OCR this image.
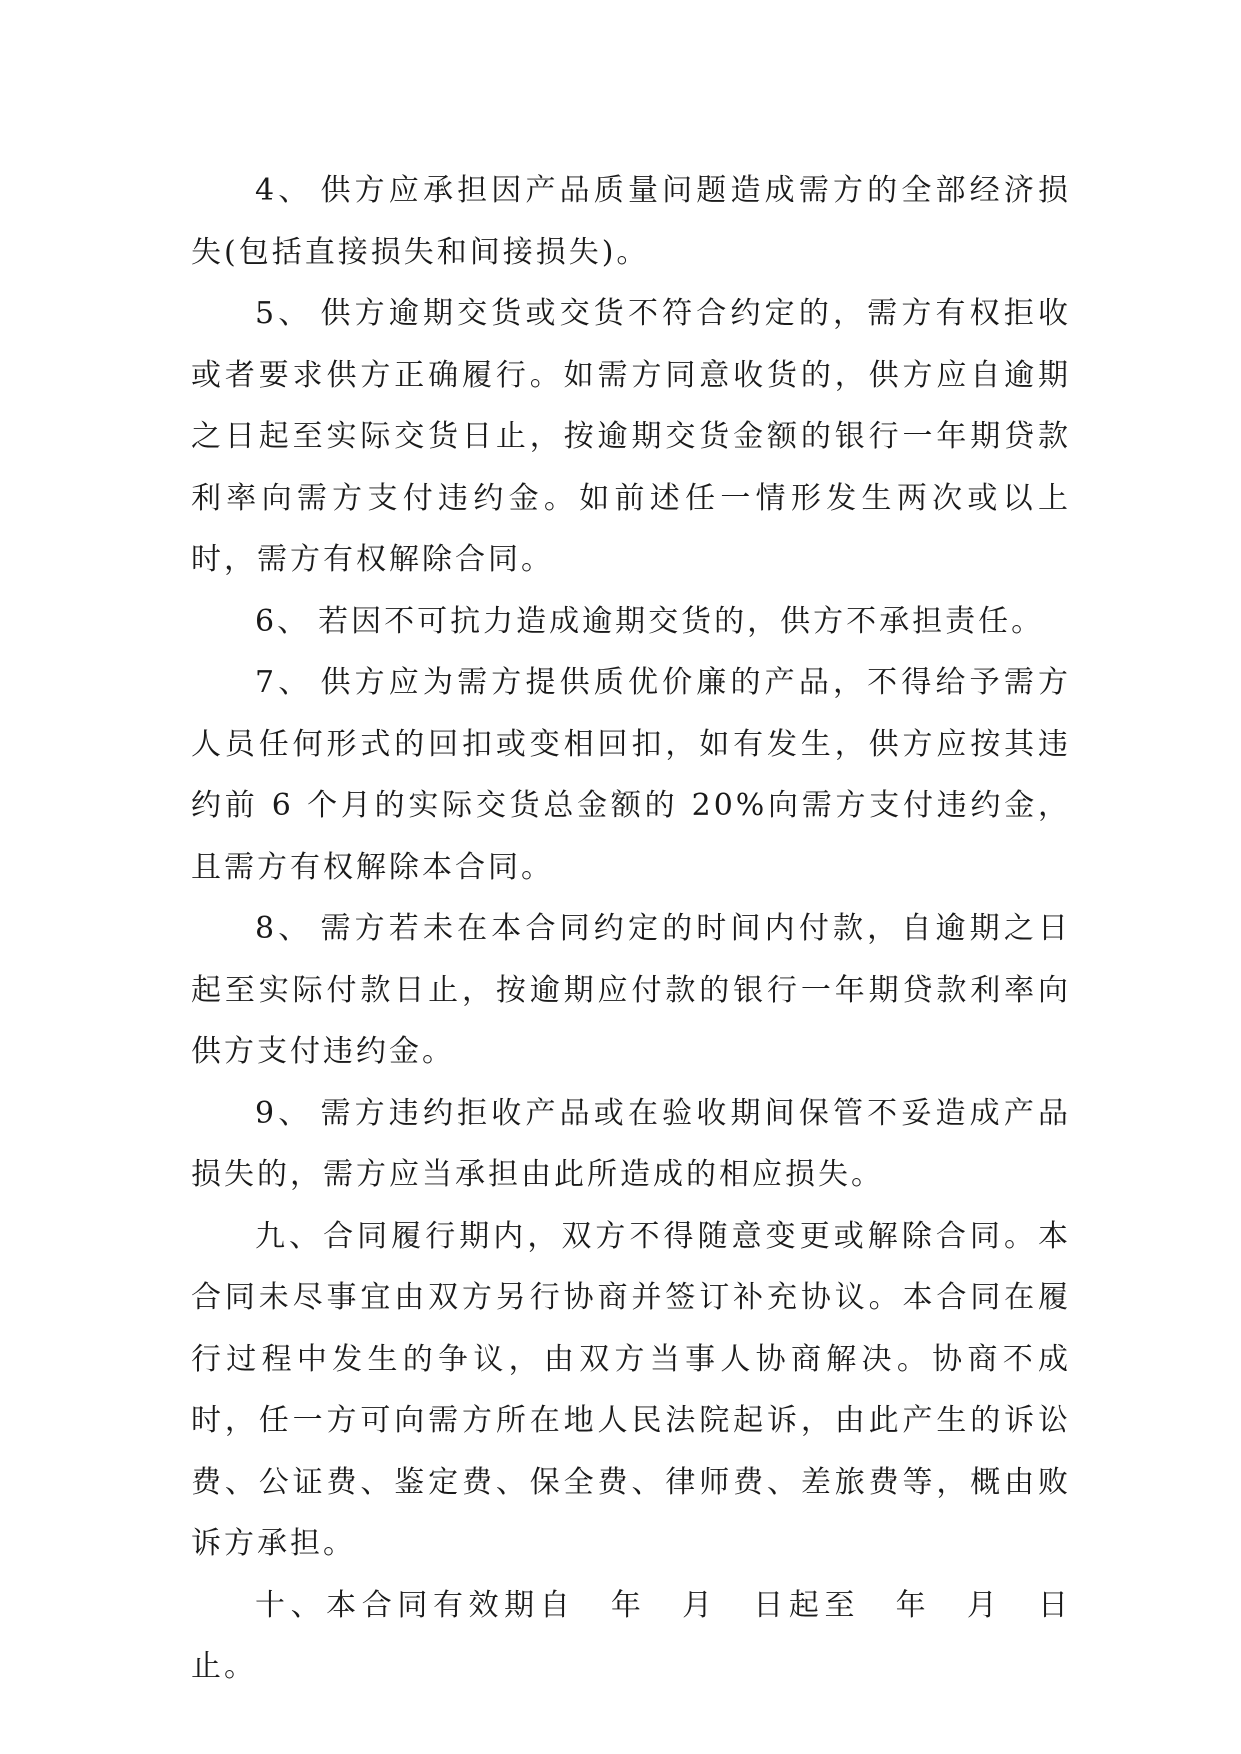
4、 供方应承担因产品质量问题造成需方的全部经济损失(包括直接损失和间接损失)。

5、 供方逾期交货或交货不符合约定的，需方有权拒收或者要求供方正确履行。如需方同意收货的，供方应自逾期之日起至实际交货日止，按逾期交货金额的银行一年期贷款利率向需方支付违约金。如前述任一情形发生两次或以上时，需方有权解除合同。

6、 若因不可抗力造成逾期交货的，供方不承担责任。

7、 供方应为需方提供质优价廉的产品，不得给予需方人员任何形式的回扣或变相回扣，如有发生，供方应按其违约前 6 个月的实际交货总金额的 20%向需方支付违约金，且需方有权解除本合同。

8、 需方若未在本合同约定的时间内付款，自逾期之日起至实际付款日止，按逾期应付款的银行一年期贷款利率向供方支付违约金。

9、 需方违约拒收产品或在验收期间保管不妥造成产品损失的，需方应当承担由此所造成的相应损失。

九、合同履行期内，双方不得随意变更或解除合同。本合同未尽事宜由双方另行协商并签订补充协议。本合同在履行过程中发生的争议，由双方当事人协商解决。协商不成时，任一方可向需方所在地人民法院起诉，由此产生的诉讼费、公证费、鉴定费、保全费、律师费、差旅费等，概由败诉方承担。

十、本合同有效期自　年　月　日起至　年　月　日止。
